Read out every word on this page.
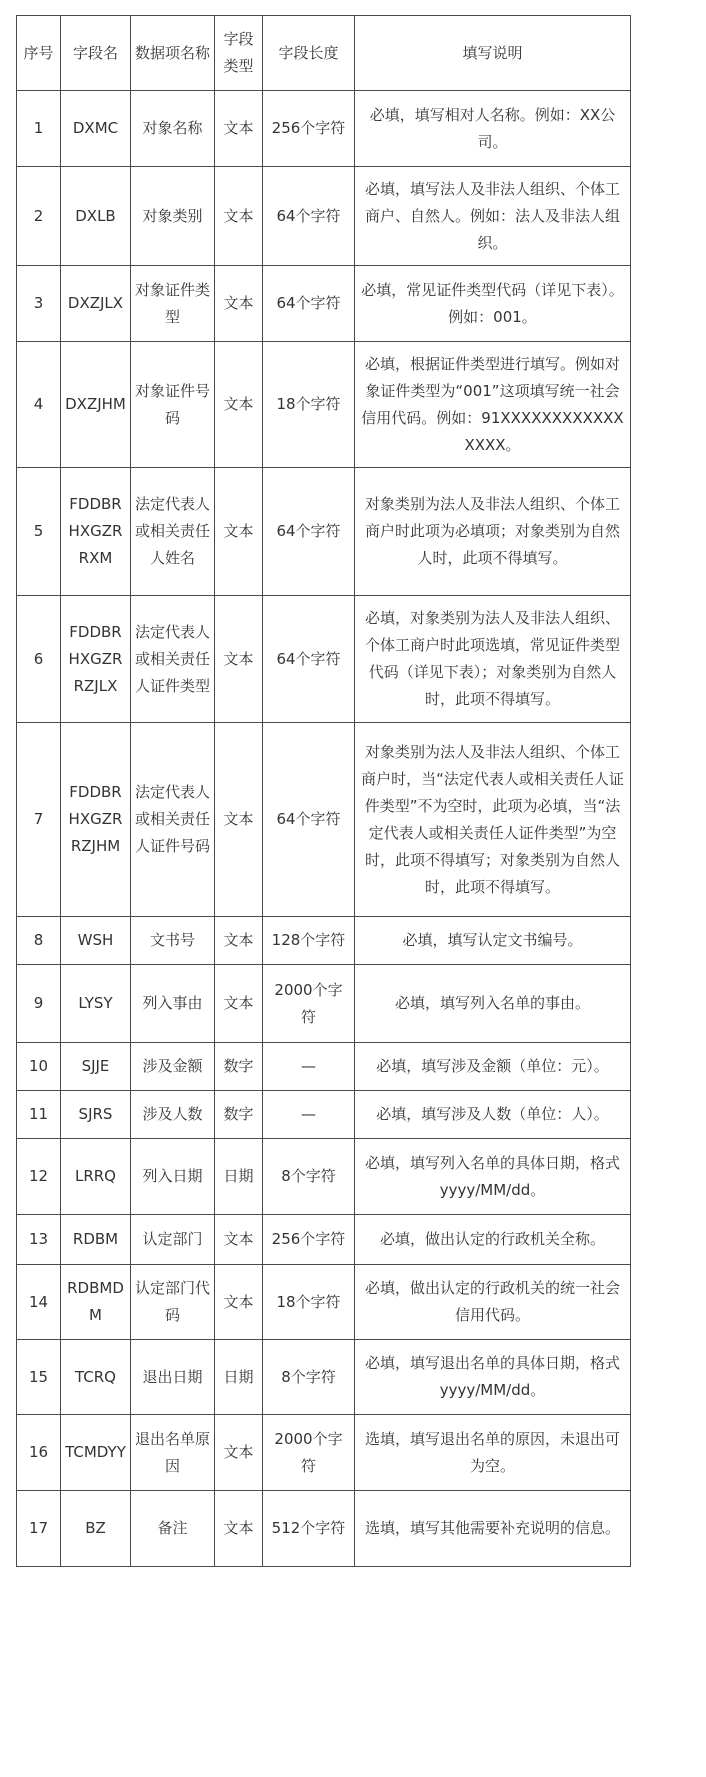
序号	字段名	数据项名称	字段类型	字段长度	填写说明
1	DXMC	对象名称	文本	256个字符	必填，填写相对人名称。例如：XX公司。
2	DXLB	对象类别	文本	64个字符	必填，填写法人及非法人组织、个体工商户、自然人。例如：法人及非法人组织。
3	DXZJLX	对象证件类型	文本	64个字符	必填，常见证件类型代码（详见下表）。例如：001。
4	DXZJHM	对象证件号码	文本	18个字符	必填，根据证件类型进行填写。例如对象证件类型为“001”这项填写统一社会信用代码。例如：91XXXXXXXXXXXXXXXX。
5	FDDBRHXGZRRXM	法定代表人或相关责任人姓名	文本	64个字符	对象类别为法人及非法人组织、个体工商户时此项为必填项；对象类别为自然人时，此项不得填写。
6	FDDBRHXGZRRZJLX	法定代表人或相关责任人证件类型	文本	64个字符	必填，对象类别为法人及非法人组织、个体工商户时此项选填，常见证件类型代码（详见下表）；对象类别为自然人时，此项不得填写。
7	FDDBRHXGZRRZJHM	法定代表人或相关责任人证件号码	文本	64个字符	对象类别为法人及非法人组织、个体工商户时，当“法定代表人或相关责任人证件类型”不为空时，此项为必填，当“法定代表人或相关责任人证件类型”为空时，此项不得填写；对象类别为自然人时，此项不得填写。
8	WSH	文书号	文本	128个字符	必填，填写认定文书编号。
9	LYSY	列入事由	文本	2000个字符	必填，填写列入名单的事由。
10	SJJE	涉及金额	数字	—	必填，填写涉及金额（单位：元）。
11	SJRS	涉及人数	数字	—	必填，填写涉及人数（单位：人）。
12	LRRQ	列入日期	日期	8个字符	必填，填写列入名单的具体日期，格式yyyy/MM/dd。
13	RDBM	认定部门	文本	256个字符	必填，做出认定的行政机关全称。
14	RDBMDM	认定部门代码	文本	18个字符	必填，做出认定的行政机关的统一社会信用代码。
15	TCRQ	退出日期	日期	8个字符	必填，填写退出名单的具体日期，格式yyyy/MM/dd。
16	TCMDYY	退出名单原因	文本	2000个字符	选填，填写退出名单的原因，未退出可为空。
17	BZ	备注	文本	512个字符	选填，填写其他需要补充说明的信息。
